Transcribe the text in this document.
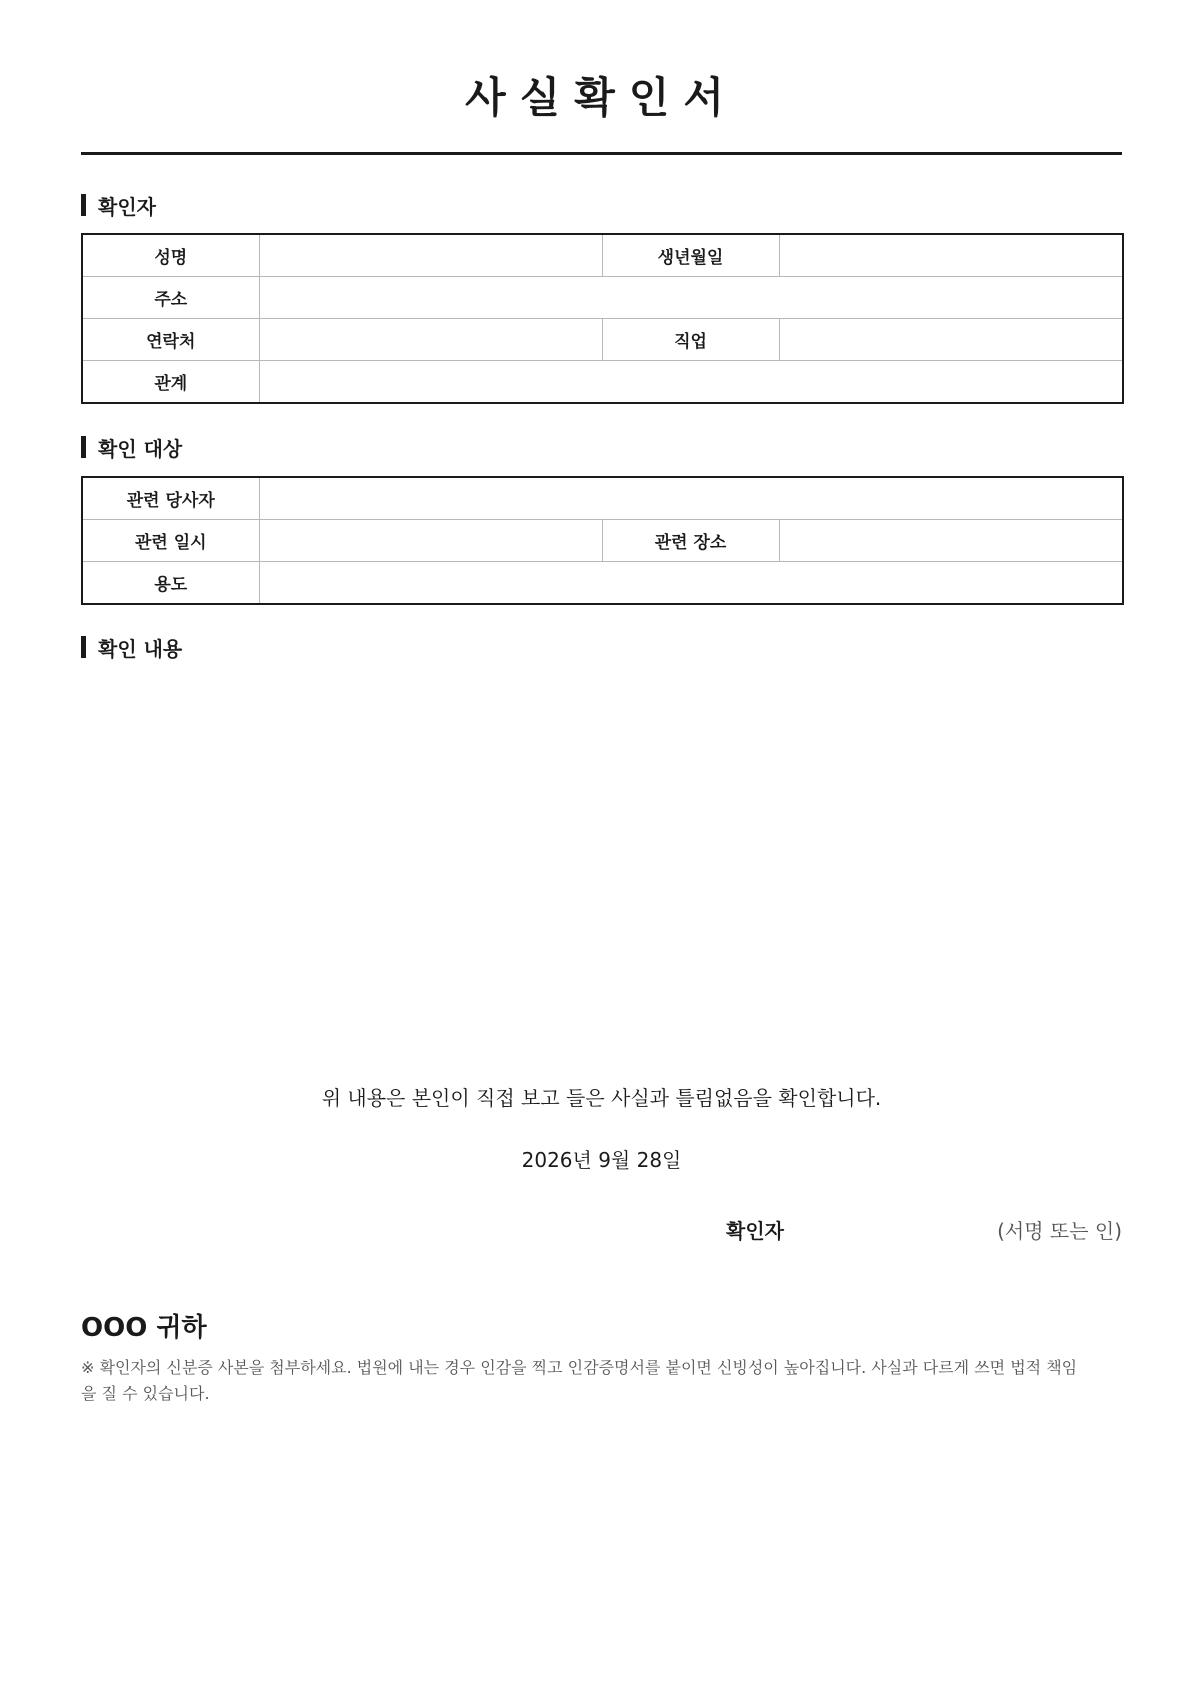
사실확인서
확인자
성명		생년월일	
주소			
연락처		직업	
관계			
확인 대상
관련 당사자			
관련 일시		관련 장소	
용도			
확인 내용
위 내용은 본인이 직접 보고 들은 사실과 틀림없음을 확인합니다.
2026년 9월 28일
확인자	(서명 또는 인)
OOO 귀하
※ 확인자의 신분증 사본을 첨부하세요. 법원에 내는 경우 인감을 찍고 인감증명서를 붙이면 신빙성이 높아집니다. 사실과 다르게 쓰면 법적 책임을 질 수 있습니다.
